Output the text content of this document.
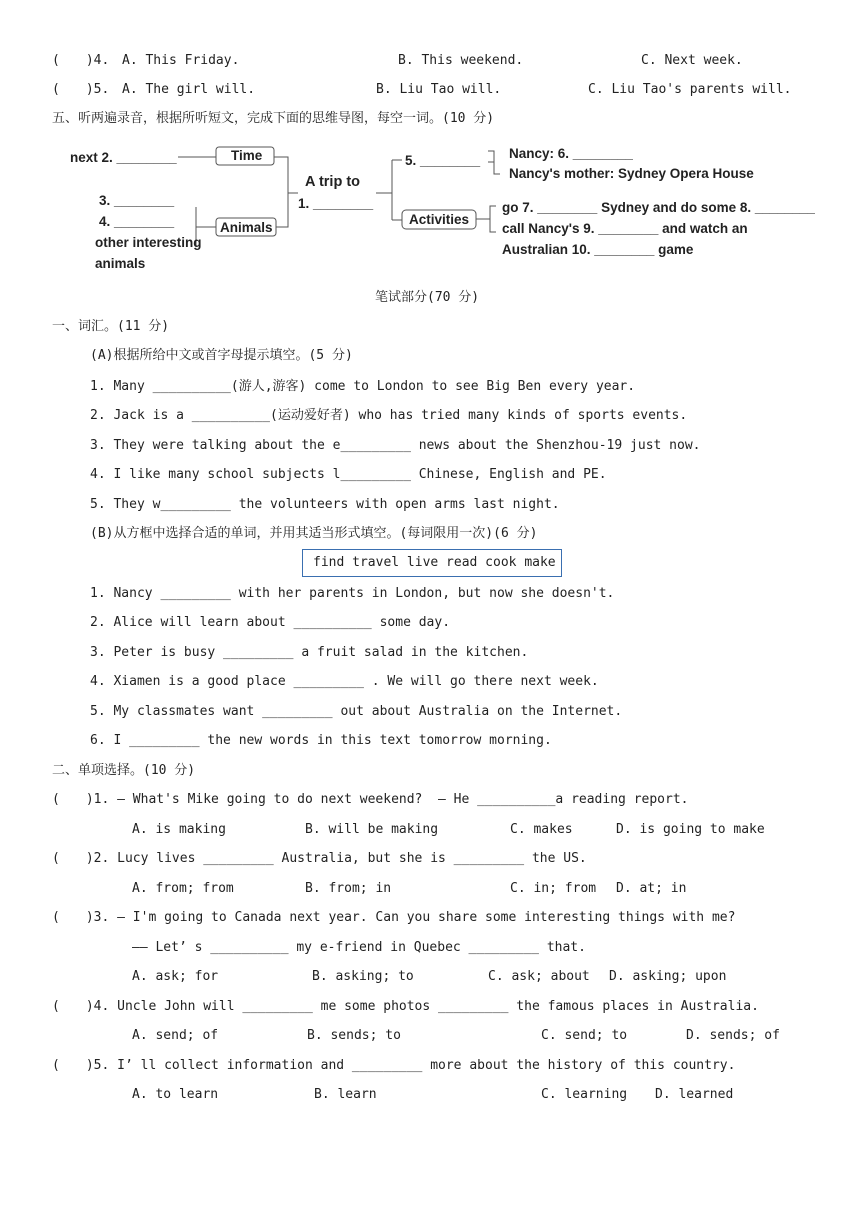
(　　)4. A. This Friday.	B. This weekend.	C. Next week.
(　　)5. A. The girl will.	B. Liu Tao will.	C. Liu Tao's parents will.
五、听两遍录音，根据所听短文，完成下面的思维导图，每空一词。(10 分)
next 2. ________	Time
Animals
3. ________
4. ________
other interesting
animals
A trip to
1. ________
5. ________ Nancy: 6. ________
Nancy's mother: Sydney Opera House
Activities
go 7. ________ Sydney and do some 8. ________
call Nancy's 9. ________ and watch an
Australian 10. ________ game
笔试部分(70 分)
一、词汇。(11 分)
(A)根据所给中文或首字母提示填空。(5 分)
1. Many __________(游人,游客) come to London to see Big Ben every year.
2. Jack is a __________(运动爱好者) who has tried many kinds of sports events.
3. They were talking about the e_________ news about the Shenzhou-19 just now.
4. I like many school subjects l_________ Chinese, English and PE.
5. They w_________ the volunteers with open arms last night.
(B)从方框中选择合适的单词，并用其适当形式填空。(每词限用一次)(6 分)
find travel live read cook make
1. Nancy _________ with her parents in London, but now she doesn't.
2. Alice will learn about __________ some day.
3. Peter is busy _________ a fruit salad in the kitchen.
4. Xiamen is a good place _________ . We will go there next week.
5. My classmates want _________ out about Australia on the Internet.
6. I _________ the new words in this text tomorrow morning.
二、单项选择。(10 分)
(　　)1. — What's Mike going to do next weekend?  — He __________a reading report.
A. is making	B. will be making	C. makes	D. is going to make
(　　)2. Lucy lives _________ Australia, but she is _________ the US.
A. from; from	B. from; in	C. in; from D. at; in
(　　)3. — I'm going to Canada next year. Can you share some interesting things with me?
—— Let’ s __________ my e-friend in Quebec _________ that.
A. ask; for	B. asking; to	C. ask; about D. asking; upon
(　　)4. Uncle John will _________ me some photos _________ the famous places in Australia.
A. send; of	B. sends; to	C. send; to	D. sends; of
(　　)5. I’ ll collect information and _________ more about the history of this country.
A. to learn	B. learn	C. learning D. learned
